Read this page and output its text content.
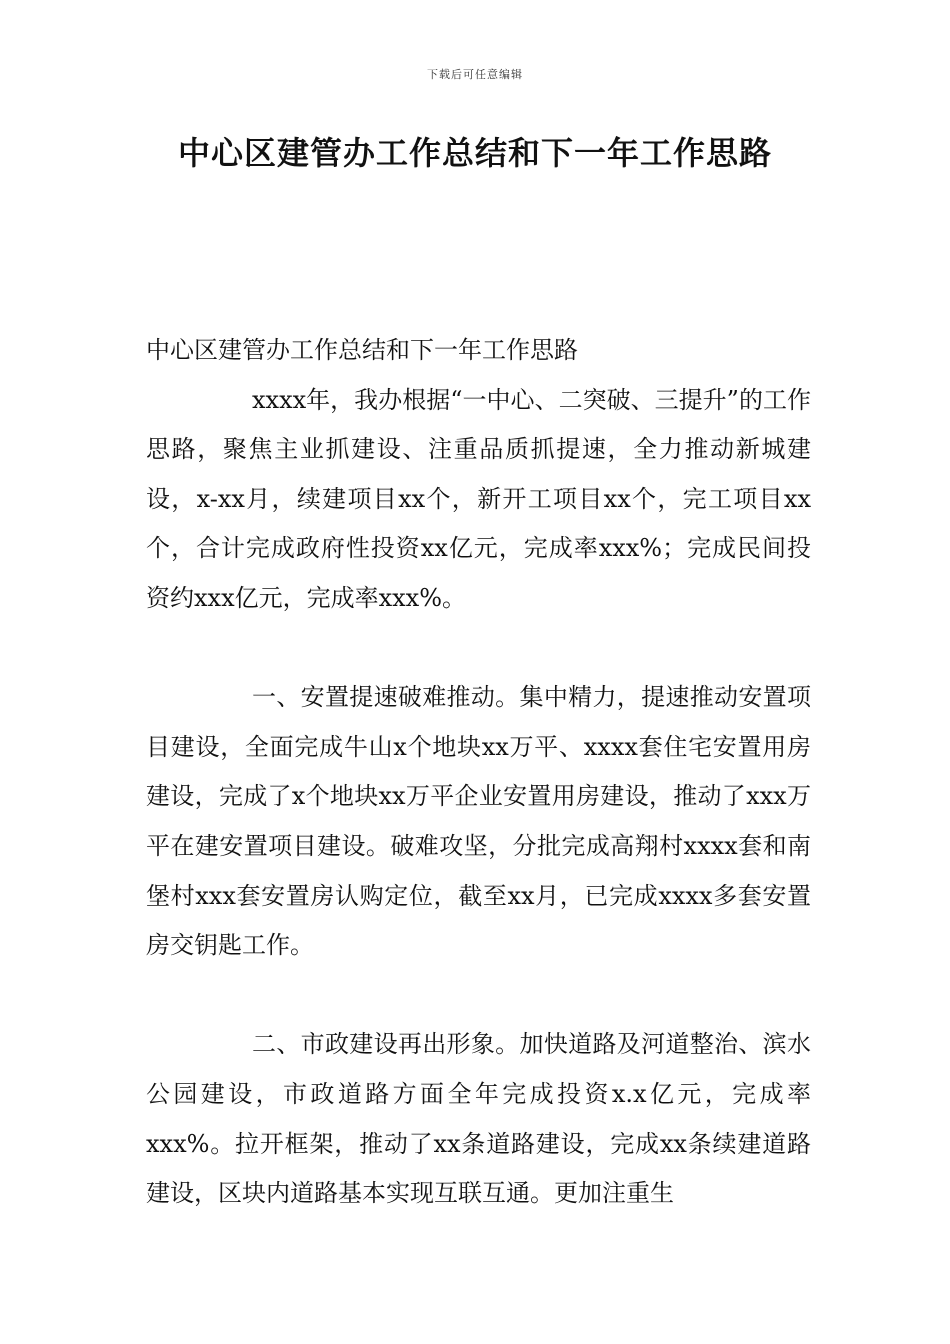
下载后可任意编辑
中心区建管办工作总结和下一年工作思路

中心区建管办工作总结和下一年工作思路

xxxx年，我办根据“一中心、二突破、三提升”的工作思路，聚焦主业抓建设、注重品质抓提速，全力推动新城建设，x-xx月，续建项目xx个，新开工项目xx个，完工项目xx个，合计完成政府性投资xx亿元，完成率xxx%；完成民间投资约xxx亿元，完成率xxx%。

一、安置提速破难推动。集中精力，提速推动安置项目建设，全面完成牛山x个地块xx万平、xxxx套住宅安置用房建设，完成了x个地块xx万平企业安置用房建设，推动了xxx万平在建安置项目建设。破难攻坚，分批完成高翔村xxxx套和南堡村xxx套安置房认购定位，截至xx月，已完成xxxx多套安置房交钥匙工作。

二、市政建设再出形象。加快道路及河道整治、滨水公园建设，市政道路方面全年完成投资x.x亿元，完成率xxx%。拉开框架，推动了xx条道路建设，完成xx条续建道路建设，区块内道路基本实现互联互通。更加注重生
